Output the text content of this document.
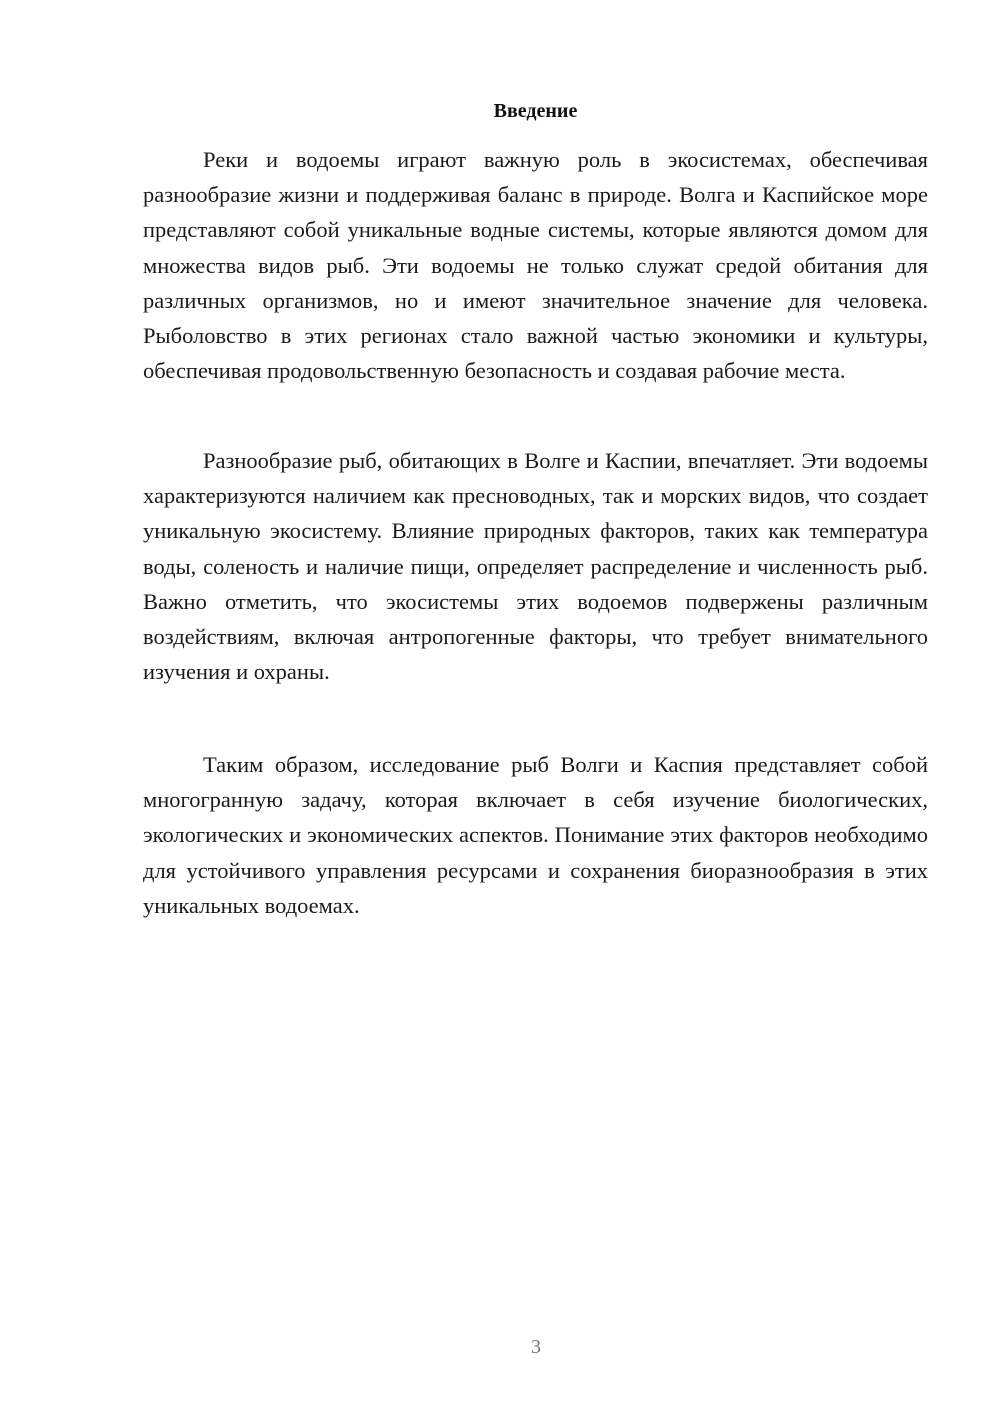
Введение

Реки и водоемы играют важную роль в экосистемах, обеспечивая разнообразие жизни и поддерживая баланс в природе. Волга и Каспийское море представляют собой уникальные водные системы, которые являются домом для множества видов рыб. Эти водоемы не только служат средой обитания для различных организмов, но и имеют значительное значение для человека. Рыболовство в этих регионах стало важной частью экономики и культуры, обеспечивая продовольственную безопасность и создавая рабочие места.

Разнообразие рыб, обитающих в Волге и Каспии, впечатляет. Эти водоемы характеризуются наличием как пресноводных, так и морских видов, что создает уникальную экосистему. Влияние природных факторов, таких как температура воды, соленость и наличие пищи, определяет распределение и численность рыб. Важно отметить, что экосистемы этих водоемов подвержены различным воздействиям, включая антропогенные факторы, что требует внимательного изучения и охраны.

Таким образом, исследование рыб Волги и Каспия представляет собой многогранную задачу, которая включает в себя изучение биологических, экологических и экономических аспектов. Понимание этих факторов необходимо для устойчивого управления ресурсами и сохранения биоразнообразия в этих уникальных водоемах.

3
